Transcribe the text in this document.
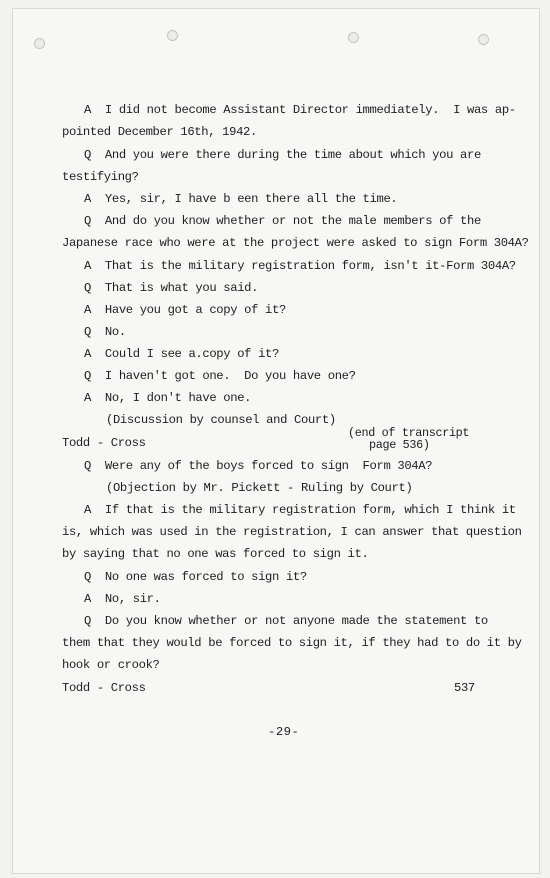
A  I did not become Assistant Director immediately.  I was ap-
pointed December 16th, 1942.
Q  And you were there during the time about which you are
testifying?
A  Yes, sir, I have b een there all the time.
Q  And do you know whether or not the male members of the
Japanese race who were at the project were asked to sign Form 304A?
A  That is the military registration form, isn't it-Form 304A?
Q  That is what you said.
A  Have you got a copy of it?
Q  No.
A  Could I see a.copy of it?
Q  I haven't got one.  Do you have one?
A  No, I don't have one.
(Discussion by counsel and Court)
(end of transcript
page 536)
Todd - Cross
Q  Were any of the boys forced to sign  Form 304A?
(Objection by Mr. Pickett - Ruling by Court)
A  If that is the military registration form, which I think it
is, which was used in the registration, I can answer that question
by saying that no one was forced to sign it.
Q  No one was forced to sign it?
A  No, sir.
Q  Do you know whether or not anyone made the statement to
them that they would be forced to sign it, if they had to do it by
hook or crook?
Todd - Cross	537
-29-
